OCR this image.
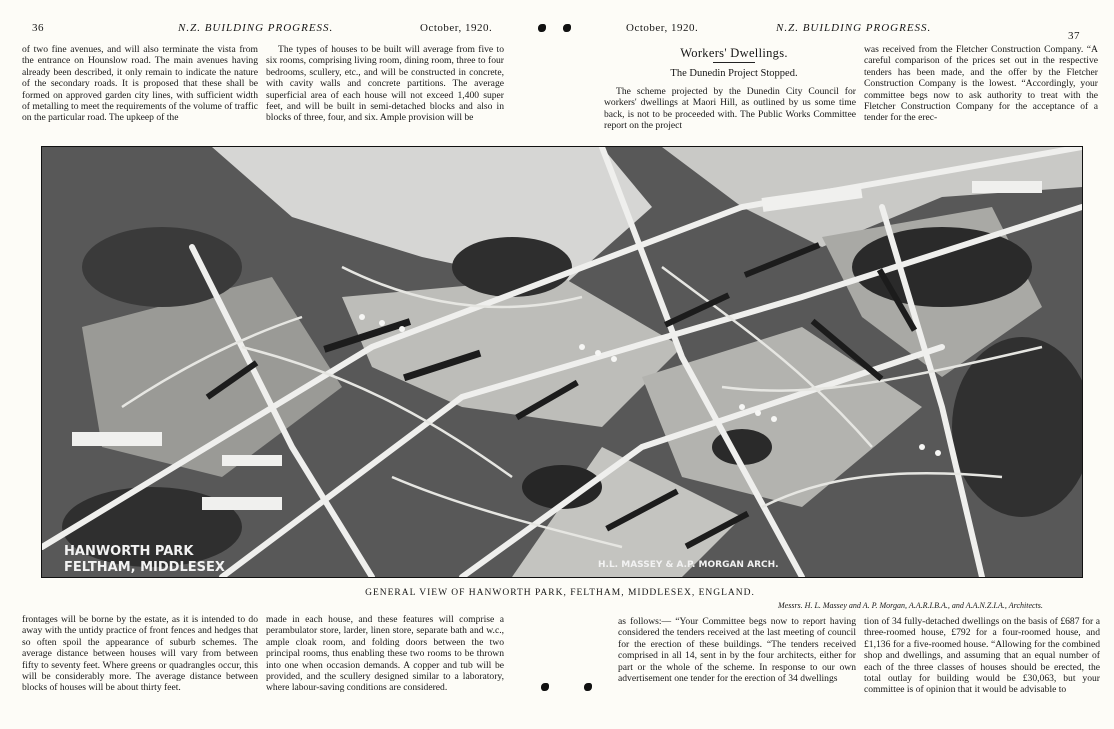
36	N.Z. BUILDING PROGRESS.	October, 1920.	October, 1920.	N.Z. BUILDING PROGRESS.
37

of two fine avenues, and will also terminate the vista from the entrance on Hounslow road. The main avenues having already been described, it only remain to indicate the nature of the secondary roads. It is proposed that these shall be formed on approved garden city lines, with sufficient width of metalling to meet the requirements of the volume of traffic on the particular road. The upkeep of the

The types of houses to be built will average from five to six rooms, comprising living room, dining room, three to four bedrooms, scullery, etc., and will be constructed in concrete, with cavity walls and concrete partitions. The average superficial area of each house will not exceed 1,400 super feet, and will be built in semi-detached blocks and also in blocks of three, four, and six. Ample provision will be

Workers' Dwellings.
The Dunedin Project Stopped.

The scheme projected by the Dunedin City Council for workers' dwellings at Maori Hill, as outlined by us some time back, is not to be proceeded with. The Public Works Committee report on the project

was received from the Fletcher Construction Company. “A careful comparison of the prices set out in the respective tenders has been made, and the offer by the Fletcher Construction Company is the lowest. “Accordingly, your committee begs now to ask authority to treat with the Fletcher Construction Company for the acceptance of a tender for the erec-

HANWORTH PARK
FELTHAM, MIDDLESEX	H.L. MASSEY & A.P. MORGAN ARCH.
GENERAL VIEW OF HANWORTH PARK, FELTHAM, MIDDLESEX, ENGLAND.
Messrs. H. L. Massey and A. P. Morgan, A.A.R.I.B.A., and A.A.N.Z.I.A., Architects.

frontages will be borne by the estate, as it is intended to do away with the untidy practice of front fences and hedges that so often spoil the appearance of suburb schemes. The average distance between houses will vary from between fifty to seventy feet. Where greens or quadrangles occur, this will be considerably more. The average distance between blocks of houses will be about thirty feet.

made in each house, and these features will comprise a perambulator store, larder, linen store, separate bath and w.c., ample cloak room, and folding doors between the two principal rooms, thus enabling these two rooms to be thrown into one when occasion demands. A copper and tub will be provided, and the scullery designed similar to a laboratory, where labour-saving conditions are considered.

as follows:— “Your Committee begs now to report having considered the tenders received at the last meeting of council for the erection of these buildings. “The tenders received comprised in all 14, sent in by the four architects, either for part or the whole of the scheme. In response to our own advertisement one tender for the erection of 34 dwellings

tion of 34 fully-detached dwellings on the basis of £687 for a three-roomed house, £792 for a four-roomed house, and £1,136 for a five-roomed house. “Allowing for the combined shop and dwellings, and assuming that an equal number of each of the three classes of houses should be erected, the total outlay for building would be £30,063, but your committee is of opinion that it would be advisable to
